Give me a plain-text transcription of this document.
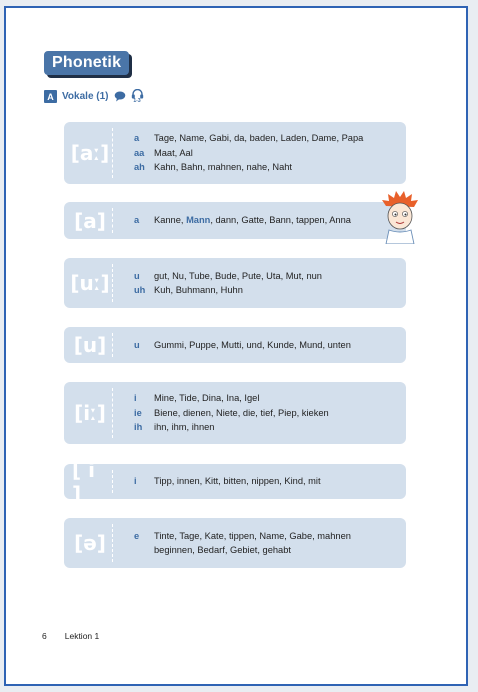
Phonetik
A Vokale (1)	1-3
[aː]
a	Tage, Name, Gabi, da, baden, Laden, Dame, Papa
aa	Maat, Aal
ah Kahn, Bahn, mahnen, nahe, Naht
[a]	a	Kanne, Mann, dann, Gatte, Bann, tappen, Anna
[uː]	u	gut, Nu, Tube, Bude, Pute, Uta, Mut, nun
uh Kuh, Buhmann, Huhn
[u]	u	Gummi, Puppe, Mutti, und, Kunde, Mund, unten
[iː]
i	Mine, Tide, Dina, Ina, Igel
ie	Biene, dienen, Niete, die, tief, Piep, kieken
ih	ihn, ihm, ihnen
[ i ]
i	Tipp, innen, Kitt, bitten, nippen, Kind, mit
[ə]	e	Tinte, Tage, Kate, tippen, Name, Gabe, mahnen
beginnen, Bedarf, Gebiet, gehabt
6 Lektion 1
